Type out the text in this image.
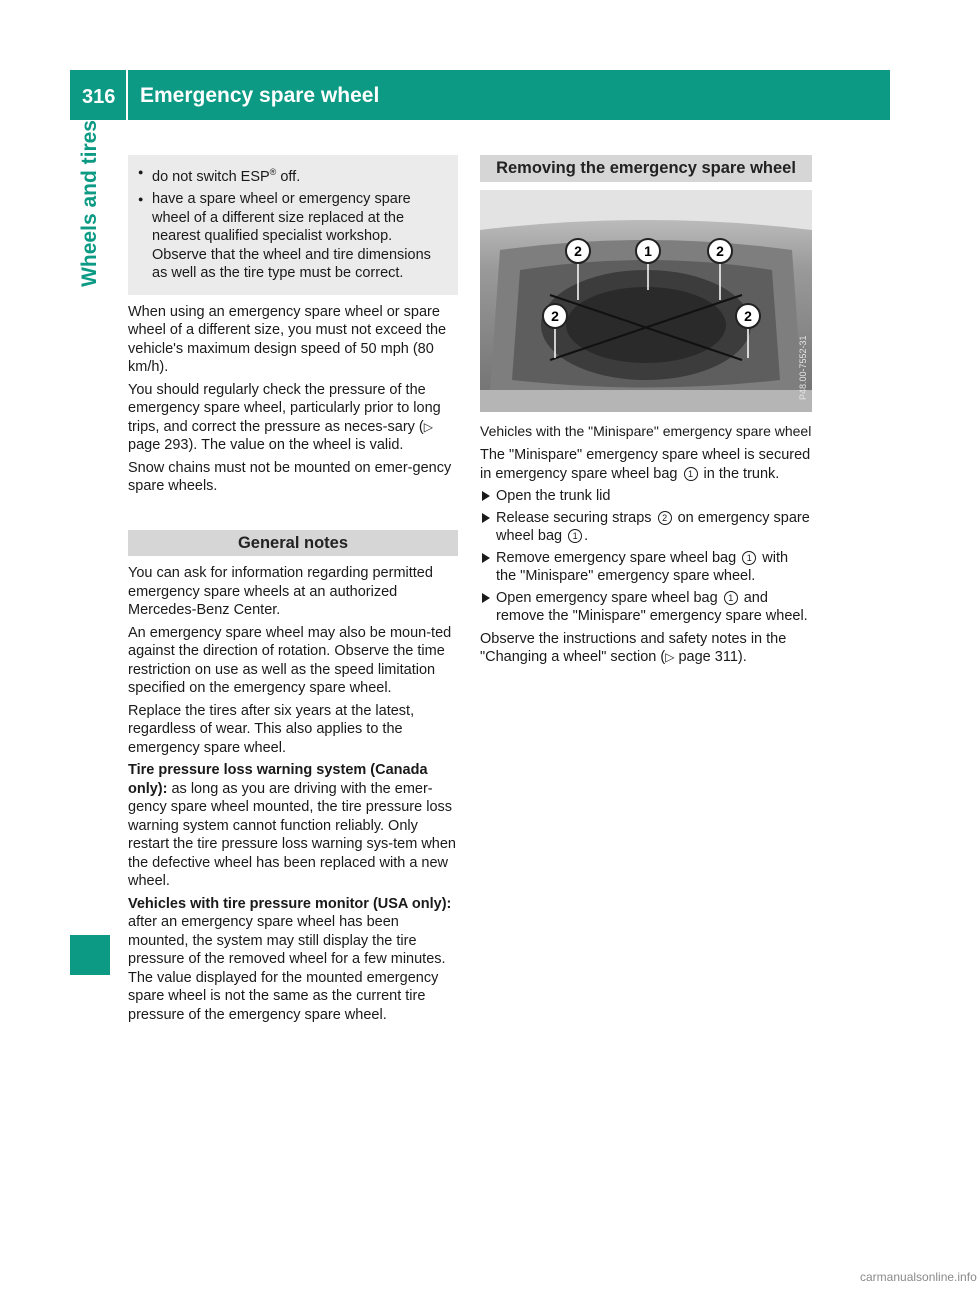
316 Emergency spare wheel
Wheels and tires
●	do not switch ESP® off.
● have a spare wheel or emergency spare wheel of a different size replaced at the nearest qualified specialist workshop. Observe that the wheel and tire dimensions as well as the tire type must be correct.

When using an emergency spare wheel or spare wheel of a different size, you must not exceed the vehicle's maximum design speed of 50 mph (80 km/h).

You should regularly check the pressure of the emergency spare wheel, particularly prior to long trips, and correct the pressure as neces-sary (▷ page 293). The value on the wheel is valid.

Snow chains must not be mounted on emer-gency spare wheels.

General notes

You can ask for information regarding permitted emergency spare wheels at an authorized Mercedes-Benz Center.

An emergency spare wheel may also be moun-ted against the direction of rotation. Observe the time restriction on use as well as the speed limitation specified on the emergency spare wheel.

Replace the tires after six years at the latest, regardless of wear. This also applies to the emergency spare wheel.

Tire pressure loss warning system (Canada only): as long as you are driving with the emer-gency spare wheel mounted, the tire pressure loss warning system cannot function reliably. Only restart the tire pressure loss warning sys-tem when the defective wheel has been replaced with a new wheel.

Vehicles with tire pressure monitor (USA only): after an emergency spare wheel has been mounted, the system may still display the tire pressure of the removed wheel for a few minutes. The value displayed for the mounted emergency spare wheel is not the same as the current tire pressure of the emergency spare wheel.

Removing the emergency spare wheel
2	1	2
2	2
P48.00-7552-31

Vehicles with the "Minispare" emergency spare wheel

The "Minispare" emergency spare wheel is secured in emergency spare wheel bag 1 in the trunk.

Open the trunk lid
Release securing straps 2 on emergency spare wheel bag 1 .
Remove emergency spare wheel bag 1 with the "Minispare" emergency spare wheel.
Open emergency spare wheel bag 1 and remove the "Minispare" emergency spare wheel.

Observe the instructions and safety notes in the "Changing a wheel" section (▷ page 311).

carmanualsonline.info
